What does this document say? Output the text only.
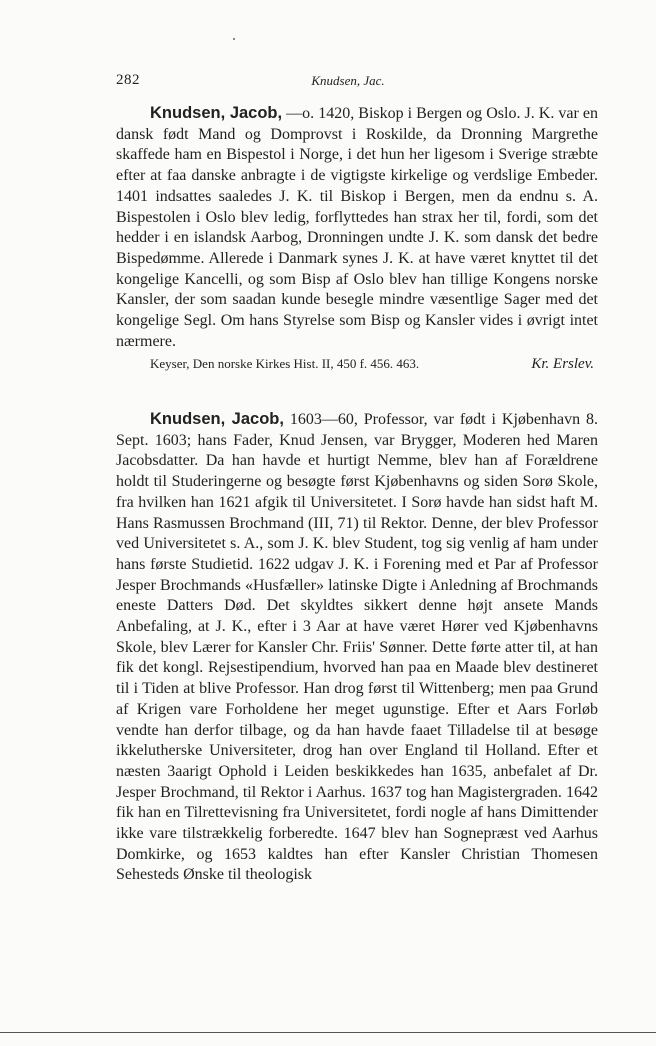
282	Knudsen, Jac.

Knudsen, Jacob, —o. 1420, Biskop i Bergen og Oslo. J. K. var en dansk født Mand og Domprovst i Roskilde, da Dronning Margrethe skaffede ham en Bispestol i Norge, i det hun her ligesom i Sverige stræbte efter at faa danske anbragte i de vigtigste kirkelige og verdslige Embeder. 1401 indsattes saaledes J. K. til Biskop i Bergen, men da endnu s. A. Bispestolen i Oslo blev ledig, forflyttedes han strax her til, fordi, som det hedder i en islandsk Aarbog, Dronningen undte J. K. som dansk det bedre Bispedømme. Allerede i Danmark synes J. K. at have været knyttet til det kongelige Kancelli, og som Bisp af Oslo blev han tillige Kongens norske Kansler, der som saadan kunde besegle mindre væsentlige Sager med det kongelige Segl. Om hans Styrelse som Bisp og Kansler vides i øvrigt intet nærmere.

Keyser, Den norske Kirkes Hist. II, 450 f. 456. 463.	Kr. Erslev.

Knudsen, Jacob, 1603—60, Professor, var født i Kjøbenhavn 8. Sept. 1603; hans Fader, Knud Jensen, var Brygger, Moderen hed Maren Jacobsdatter. Da han havde et hurtigt Nemme, blev han af Forældrene holdt til Studeringerne og besøgte først Kjøbenhavns og siden Sorø Skole, fra hvilken han 1621 afgik til Universitetet. I Sorø havde han sidst haft M. Hans Rasmussen Brochmand (III, 71) til Rektor. Denne, der blev Professor ved Universitetet s. A., som J. K. blev Student, tog sig venlig af ham under hans første Studietid. 1622 udgav J. K. i Forening med et Par af Professor Jesper Brochmands «Husfæller» latinske Digte i Anledning af Brochmands eneste Datters Død. Det skyldtes sikkert denne højt ansete Mands Anbefaling, at J. K., efter i 3 Aar at have været Hører ved Kjøbenhavns Skole, blev Lærer for Kansler Chr. Friis' Sønner. Dette førte atter til, at han fik det kongl. Rejsestipendium, hvorved han paa en Maade blev destineret til i Tiden at blive Professor. Han drog først til Wittenberg; men paa Grund af Krigen vare Forholdene her meget ugunstige. Efter et Aars Forløb vendte han derfor tilbage, og da han havde faaet Tilladelse til at besøge ikkelutherske Universiteter, drog han over England til Holland. Efter et næsten 3aarigt Ophold i Leiden beskikkedes han 1635, anbefalet af Dr. Jesper Brochmand, til Rektor i Aarhus. 1637 tog han Magistergraden. 1642 fik han en Tilrettevisning fra Universitetet, fordi nogle af hans Dimittender ikke vare tilstrækkelig forberedte. 1647 blev han Sognepræst ved Aarhus Domkirke, og 1653 kaldtes han efter Kansler Christian Thomesen Sehesteds Ønske til theologisk
